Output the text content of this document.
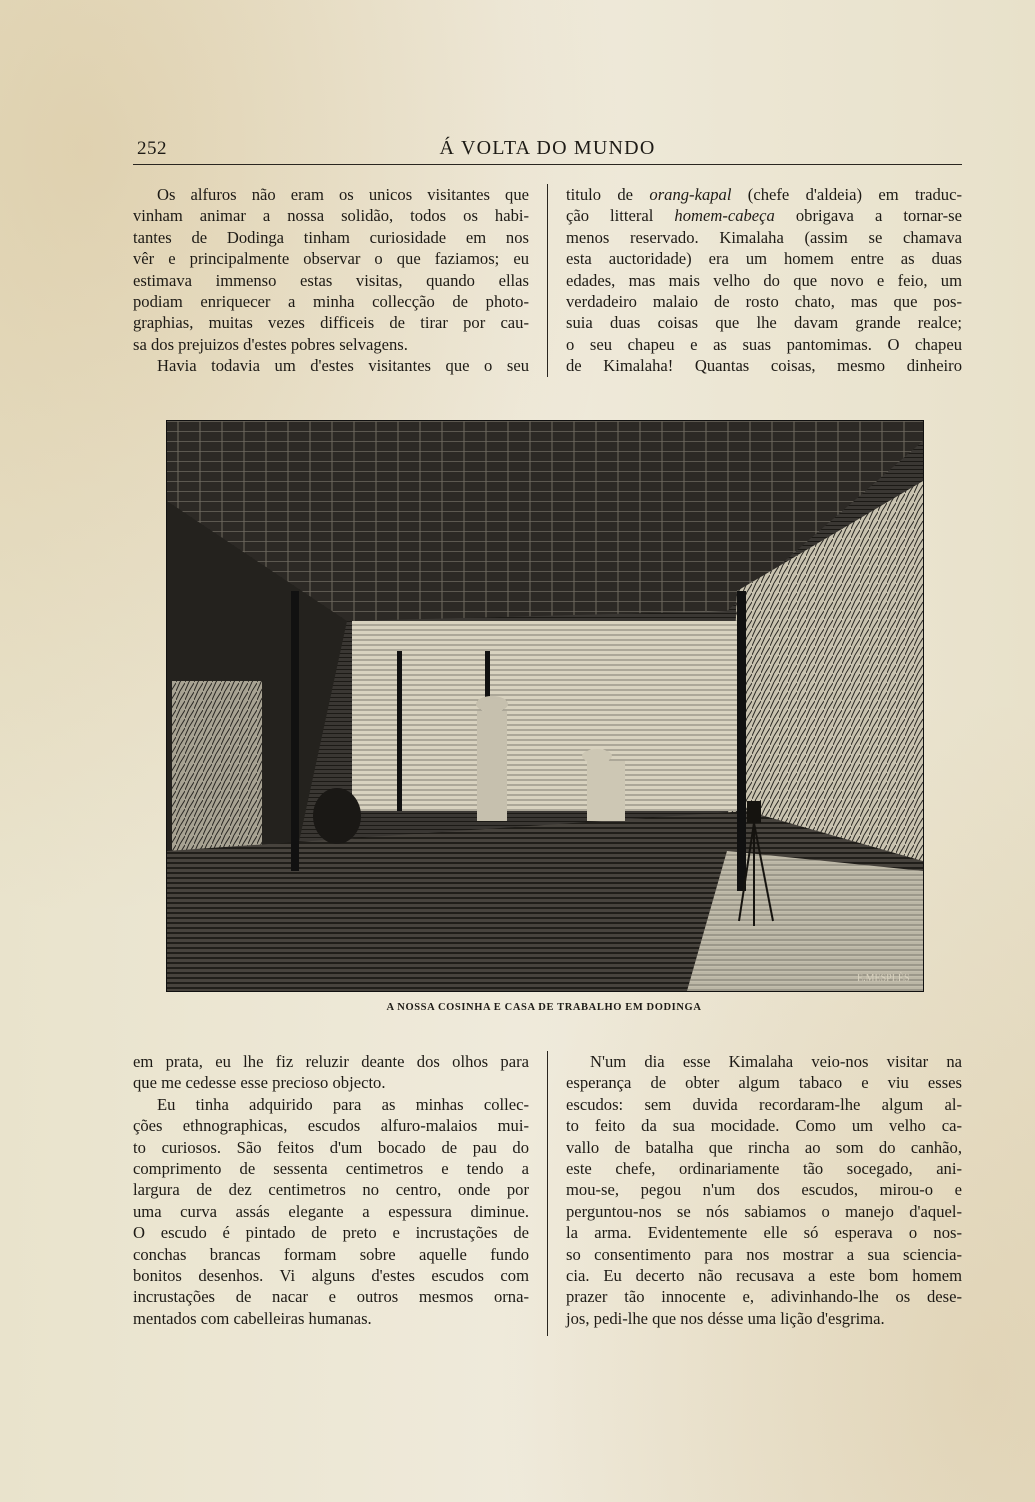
252	Á VOLTA DO MUNDO
Os alfuros não eram os unicos visitantes que
vinham animar a nossa solidão, todos os habi-
tantes de Dodinga tinham curiosidade em nos
vêr e principalmente observar o que faziamos; eu
estimava immenso estas visitas, quando ellas
podiam enriquecer a minha collecção de photo-
graphias, muitas vezes difficeis de tirar por cau-
sa dos prejuizos d'estes pobres selvagens.
Havia todavia um d'estes visitantes que o seu
titulo de orang-kapal (chefe d'aldeia) em traduc-
ção litteral homem-cabeça obrigava a tornar-se
menos reservado. Kimalaha (assim se chamava
esta auctoridade) era um homem entre as duas
edades, mas mais velho do que novo e feio, um
verdadeiro malaio de rosto chato, mas que pos-
suia duas coisas que lhe davam grande realce;
o seu chapeu e as suas pantomimas. O chapeu
de Kimalaha! Quantas coisas, mesmo dinheiro
E.MESPLÈS
A NOSSA COSINHA E CASA DE TRABALHO EM DODINGA
em prata, eu lhe fiz reluzir deante dos olhos para
que me cedesse esse precioso objecto.
Eu tinha adquirido para as minhas collec-
ções ethnographicas, escudos alfuro-malaios mui-
to curiosos. São feitos d'um bocado de pau do
comprimento de sessenta centimetros e tendo a
largura de dez centimetros no centro, onde por
uma curva assás elegante a espessura diminue.
O escudo é pintado de preto e incrustações de
conchas brancas formam sobre aquelle fundo
bonitos desenhos. Vi alguns d'estes escudos com
incrustações de nacar e outros mesmos orna-
mentados com cabelleiras humanas.
N'um dia esse Kimalaha veio-nos visitar na
esperança de obter algum tabaco e viu esses
escudos: sem duvida recordaram-lhe algum al-
to feito da sua mocidade. Como um velho ca-
vallo de batalha que rincha ao som do canhão,
este chefe, ordinariamente tão socegado, ani-
mou-se, pegou n'um dos escudos, mirou-o e
perguntou-nos se nós sabiamos o manejo d'aquel-
la arma. Evidentemente elle só esperava o nos-
so consentimento para nos mostrar a sua sciencia-
cia. Eu decerto não recusava a este bom homem
prazer tão innocente e, adivinhando-lhe os dese-
jos, pedi-lhe que nos désse uma lição d'esgrima.
